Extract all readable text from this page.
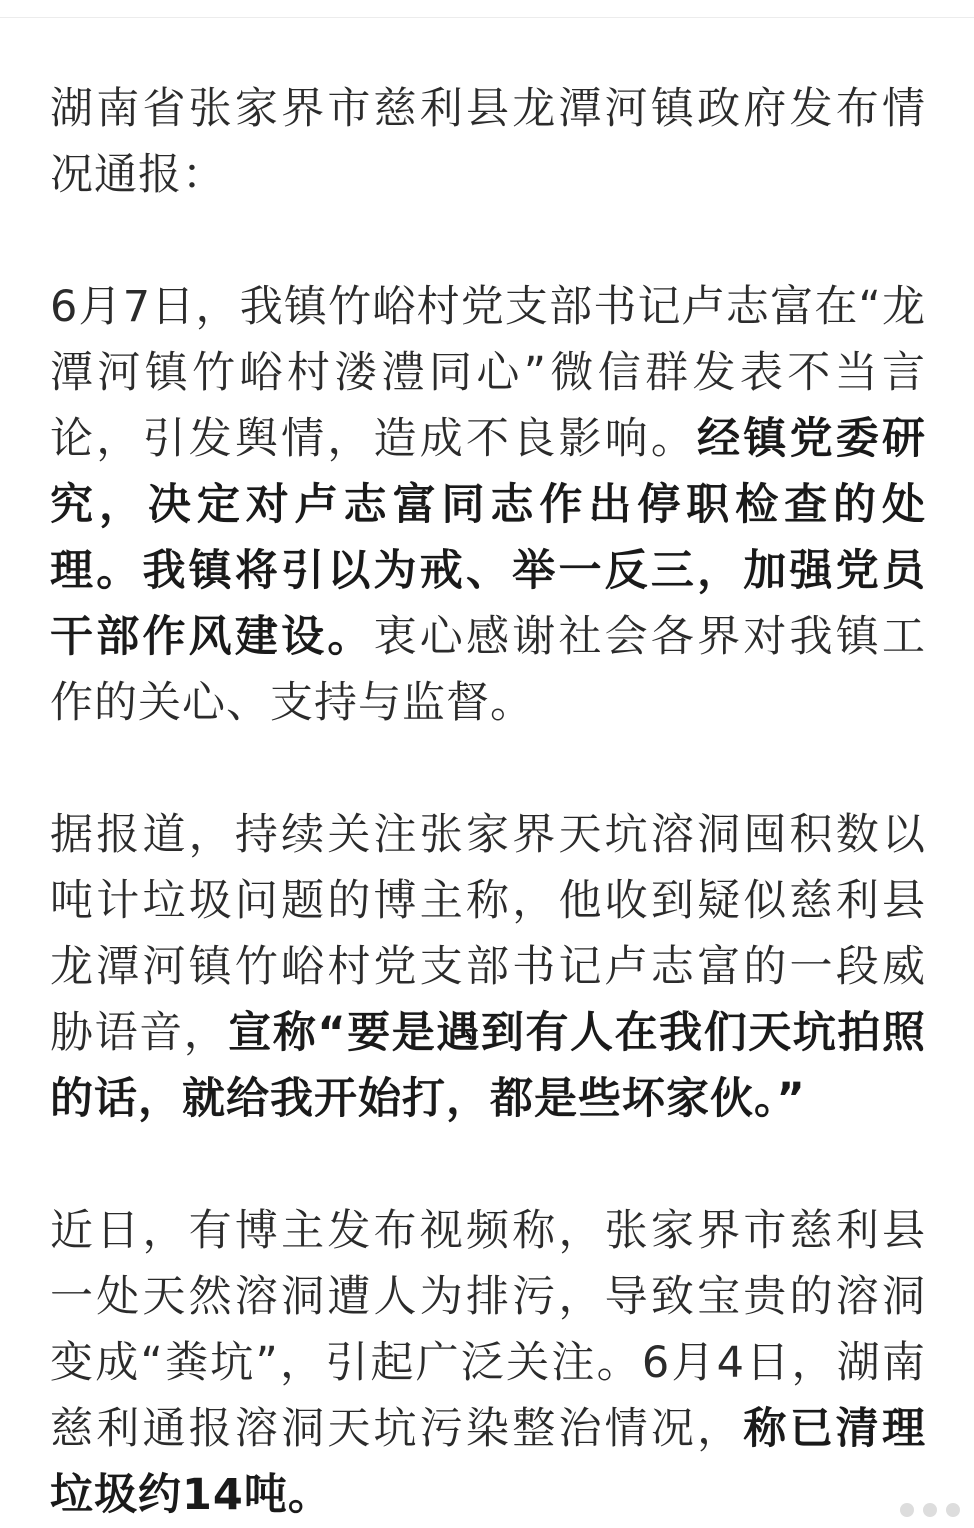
湖南省张家界市慈利县龙潭河镇政府发布情况通报：

6月7日，我镇竹峪村党支部书记卢志富在“龙潭河镇竹峪村溇澧同心”微信群发表不当言论，引发舆情，造成不良影响。经镇党委研究，决定对卢志富同志作出停职检查的处理。我镇将引以为戒、举一反三，加强党员干部作风建设。衷心感谢社会各界对我镇工作的关心、支持与监督。

据报道，持续关注张家界天坑溶洞囤积数以吨计垃圾问题的博主称，他收到疑似慈利县龙潭河镇竹峪村党支部书记卢志富的一段威胁语音，宣称“要是遇到有人在我们天坑拍照的话，就给我开始打，都是些坏家伙。”

近日，有博主发布视频称，张家界市慈利县一处天然溶洞遭人为排污，导致宝贵的溶洞变成“粪坑”，引起广泛关注。6月4日，湖南慈利通报溶洞天坑污染整治情况，称已清理垃圾约14吨。
